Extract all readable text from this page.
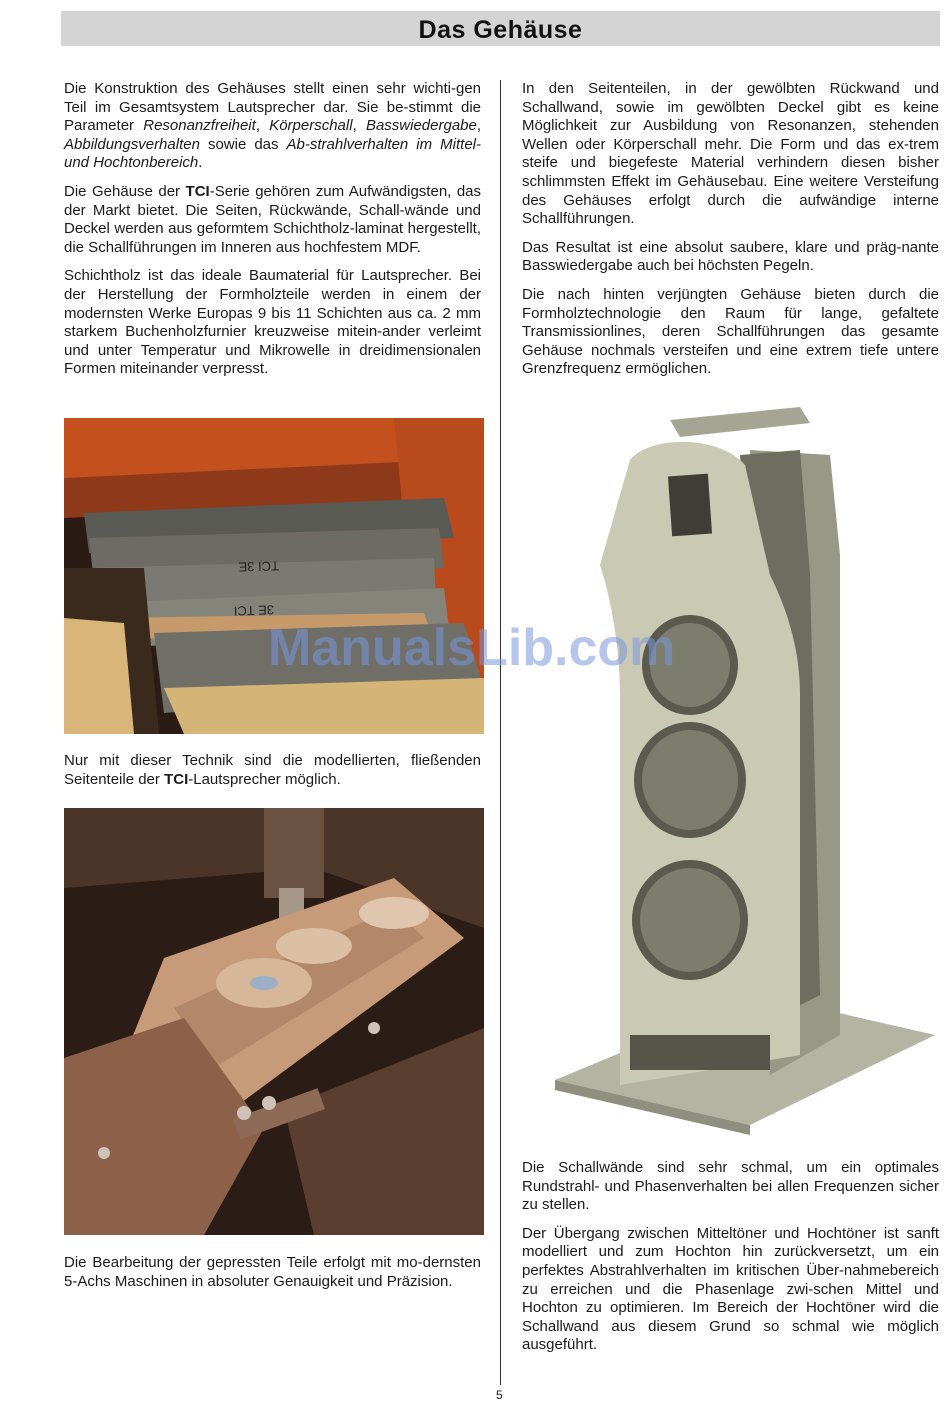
Das Gehäuse

Die Konstruktion des Gehäuses stellt einen sehr wichti-gen Teil im Gesamtsystem Lautsprecher dar. Sie be-stimmt die Parameter Resonanzfreiheit, Körperschall, Basswiedergabe, Abbildungsverhalten sowie das Ab-strahlverhalten im Mittel- und Hochtonbereich.

Die Gehäuse der TCI-Serie gehören zum Aufwändigsten, das der Markt bietet. Die Seiten, Rückwände, Schall-wände und Deckel werden aus geformtem Schichtholz-laminat hergestellt, die Schallführungen im Inneren aus hochfestem MDF.

Schichtholz ist das ideale Baumaterial für Lautsprecher. Bei der Herstellung der Formholzteile werden in einem der modernsten Werke Europas 9 bis 11 Schichten aus ca. 2 mm starkem Buchenholzfurnier kreuzweise mitein-ander verleimt und unter Temperatur und Mikrowelle in dreidimensionalen Formen miteinander verpresst.

TCI 3E
3E TCI

Nur mit dieser Technik sind die modellierten, fließenden Seitenteile der TCI-Lautsprecher möglich.

Die Bearbeitung der gepressten Teile erfolgt mit mo-dernsten 5-Achs Maschinen in absoluter Genauigkeit und Präzision.

In den Seitenteilen, in der gewölbten Rückwand und Schallwand, sowie im gewölbten Deckel gibt es keine Möglichkeit zur Ausbildung von Resonanzen, stehenden Wellen oder Körperschall mehr. Die Form und das ex-trem steife und biegefeste Material verhindern diesen bisher schlimmsten Effekt im Gehäusebau. Eine weitere Versteifung des Gehäuses erfolgt durch die aufwändige interne Schallführungen.

Das Resultat ist eine absolut saubere, klare und präg-nante Basswiedergabe auch bei höchsten Pegeln.

Die nach hinten verjüngten Gehäuse bieten durch die Formholztechnologie den Raum für lange, gefaltete Transmissionlines, deren Schallführungen das gesamte Gehäuse nochmals versteifen und eine extrem tiefe untere Grenzfrequenz ermöglichen.

Die Schallwände sind sehr schmal, um ein optimales Rundstrahl- und Phasenverhalten bei allen Frequenzen sicher zu stellen.

Der Übergang zwischen Mitteltöner und Hochtöner ist sanft modelliert und zum Hochton hin zurückversetzt, um ein perfektes Abstrahlverhalten im kritischen Über-nahmebereich zu erreichen und die Phasenlage zwi-schen Mittel und Hochton zu optimieren. Im Bereich der Hochtöner wird die Schallwand aus diesem Grund so schmal wie möglich ausgeführt.

ManualsLib.com
5
